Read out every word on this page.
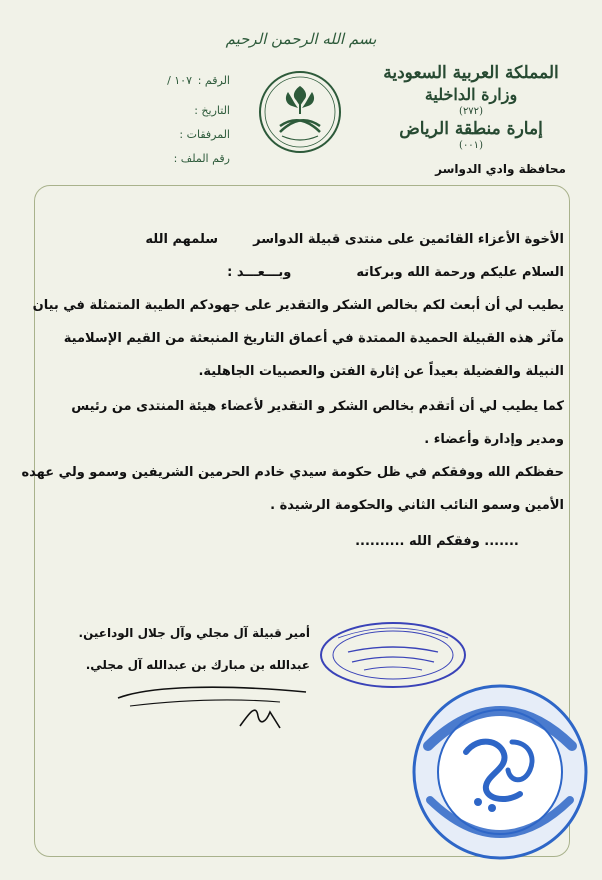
بسم الله الرحمن الرحيم
المملكة العربية السعودية
وزارة الداخلية
(٢٧٢)
إمارة منطقة الرياض
(٠٠١)
محافظة وادي الدواسر
الرقم :
١٠٧ /
التاريخ :
المرفقات :
رقم الملف :
الأخوة الأعزاء القائمين على منتدى قبيلة الدواسر  سلمهم الله
السلام عليكم ورحمة الله وبركاته  وبـــعـــد :
يطيب لي أن أبعث لكم بخالص الشكر والتقدير على جهودكم الطيبة المتمثلة في بيان
مآثر هذه القبيلة الحميدة الممتدة في أعماق التاريخ المنبعثة من القيم الإسلامية
النبيلة والفضيلة بعيداً عن إثارة الفتن والعصبيات الجاهلية.
كما يطيب لي أن أتقدم بخالص الشكر و التقدير لأعضاء هيئة المنتدى من رئيس
ومدير وإدارة وأعضاء .
حفظكم الله ووفقكم في ظل حكومة سيدي خادم الحرمين الشريفين وسمو ولي عهده
الأمين وسمو النائب الثاني والحكومة الرشيدة .
....... وفقكم الله ..........
أمير قبيلة آل مجلي وآل جلال الوداعين.
عبدالله بن مبارك بن عبدالله آل مجلي.
